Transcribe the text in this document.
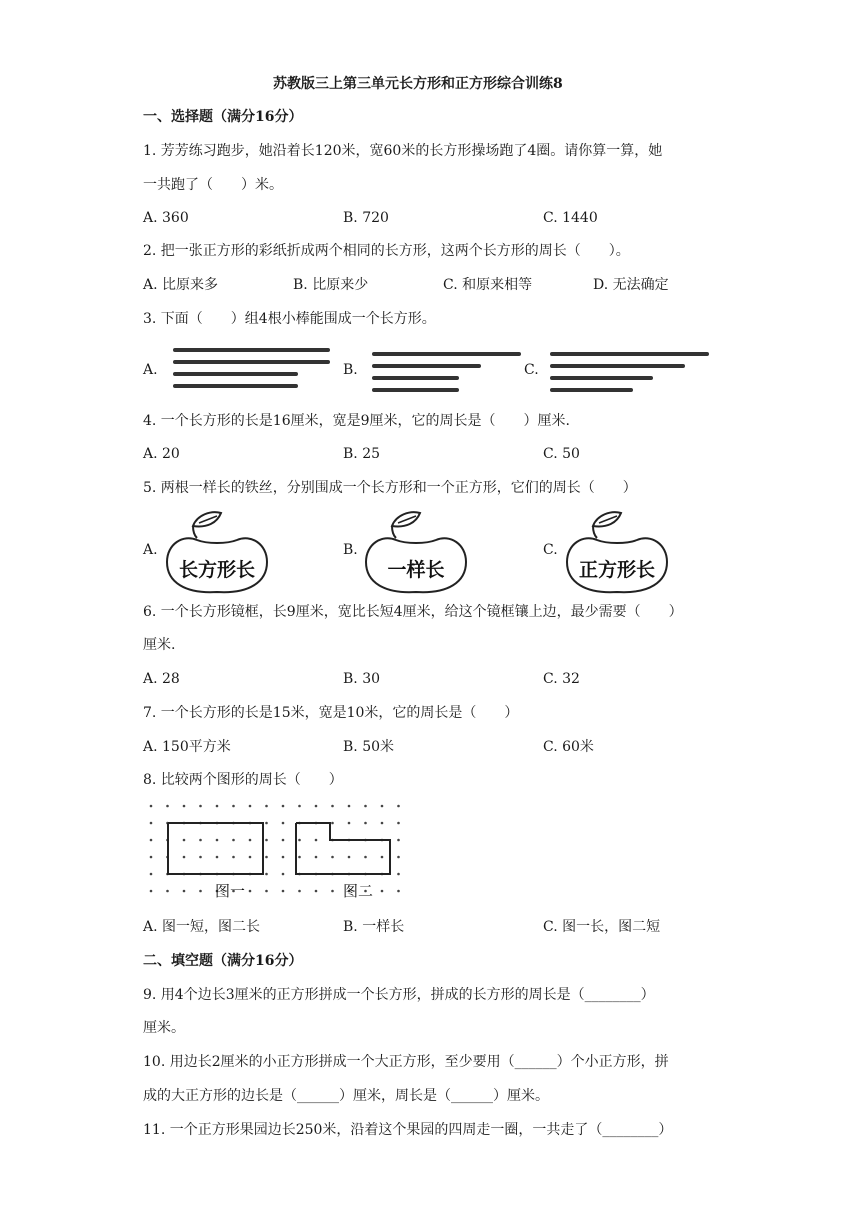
苏教版三上第三单元长方形和正方形综合训练8
一、选择题（满分16分）
1. 芳芳练习跑步，她沿着长120米，宽60米的长方形操场跑了4圈。请你算一算，她
一共跑了（　　）米。
A. 360	B. 720	C. 1440
2. 把一张正方形的彩纸折成两个相同的长方形，这两个长方形的周长（　　）。
A. 比原来多	B. 比原来少	C. 和原来相等	D. 无法确定
3. 下面（　　）组4根小棒能围成一个长方形。
A.	B.	C.
4. 一个长方形的长是16厘米，宽是9厘米，它的周长是（　　）厘米.
A. 20	B. 25	C. 50
5. 两根一样长的铁丝，分别围成一个长方形和一个正方形，它们的周长（　　）
A.	B.	C.
长方形长	一样长	正方形长
6. 一个长方形镜框，长9厘米，宽比长短4厘米，给这个镜框镶上边，最少需要（　　）
厘米.
A. 28	B. 30	C. 32
7. 一个长方形的长是15米，宽是10米，它的周长是（　　）
A. 150平方米	B. 50米	C. 60米
8. 比较两个图形的周长（　　）
图一	图二
A. 图一短，图二长	B. 一样长	C. 图一长，图二短
二、填空题（满分16分）
9. 用4个边长3厘米的正方形拼成一个长方形，拼成的长方形的周长是（________）
厘米。
10. 用边长2厘米的小正方形拼成一个大正方形，至少要用（______）个小正方形，拼
成的大正方形的边长是（______）厘米，周长是（______）厘米。
11. 一个正方形果园边长250米，沿着这个果园的四周走一圈，一共走了（________）
